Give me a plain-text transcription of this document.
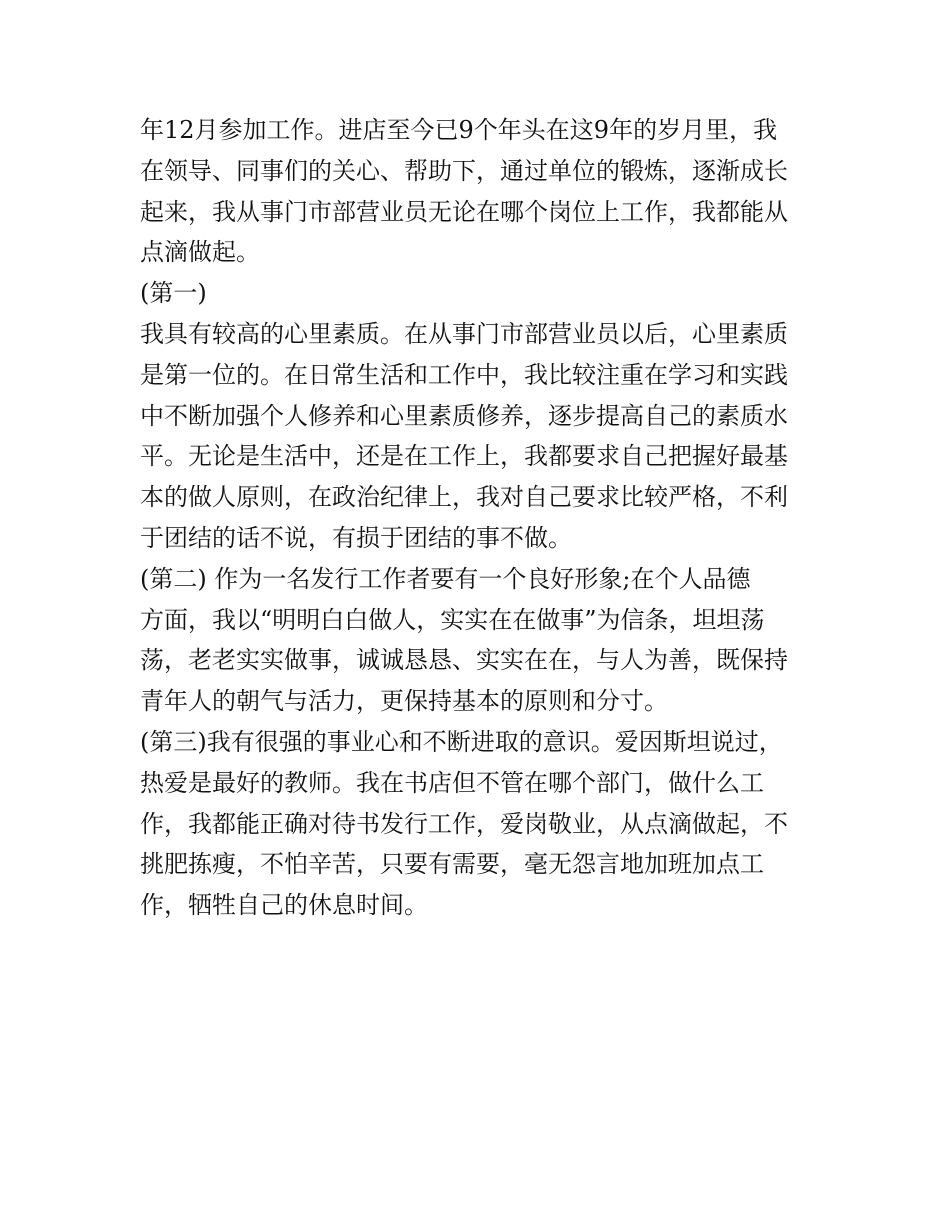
年12月参加工作。进店至今已9个年头在这9年的岁月里，我
在领导、同事们的关心、帮助下，通过单位的锻炼，逐渐成长
起来，我从事门市部营业员无论在哪个岗位上工作，我都能从
点滴做起。
(第一)
我具有较高的心里素质。在从事门市部营业员以后，心里素质
是第一位的。在日常生活和工作中，我比较注重在学习和实践
中不断加强个人修养和心里素质修养，逐步提高自己的素质水
平。无论是生活中，还是在工作上，我都要求自己把握好最基
本的做人原则，在政治纪律上，我对自己要求比较严格，不利
于团结的话不说，有损于团结的事不做。
(第二) 作为一名发行工作者要有一个良好形象;在个人品德
方面，我以“明明白白做人，实实在在做事”为信条，坦坦荡
荡，老老实实做事，诚诚恳恳、实实在在，与人为善，既保持
青年人的朝气与活力，更保持基本的原则和分寸。
(第三)我有很强的事业心和不断进取的意识。爱因斯坦说过，
热爱是最好的教师。我在书店但不管在哪个部门，做什么工
作，我都能正确对待书发行工作，爱岗敬业，从点滴做起，不
挑肥拣瘦，不怕辛苦，只要有需要，毫无怨言地加班加点工
作，牺牲自己的休息时间。
